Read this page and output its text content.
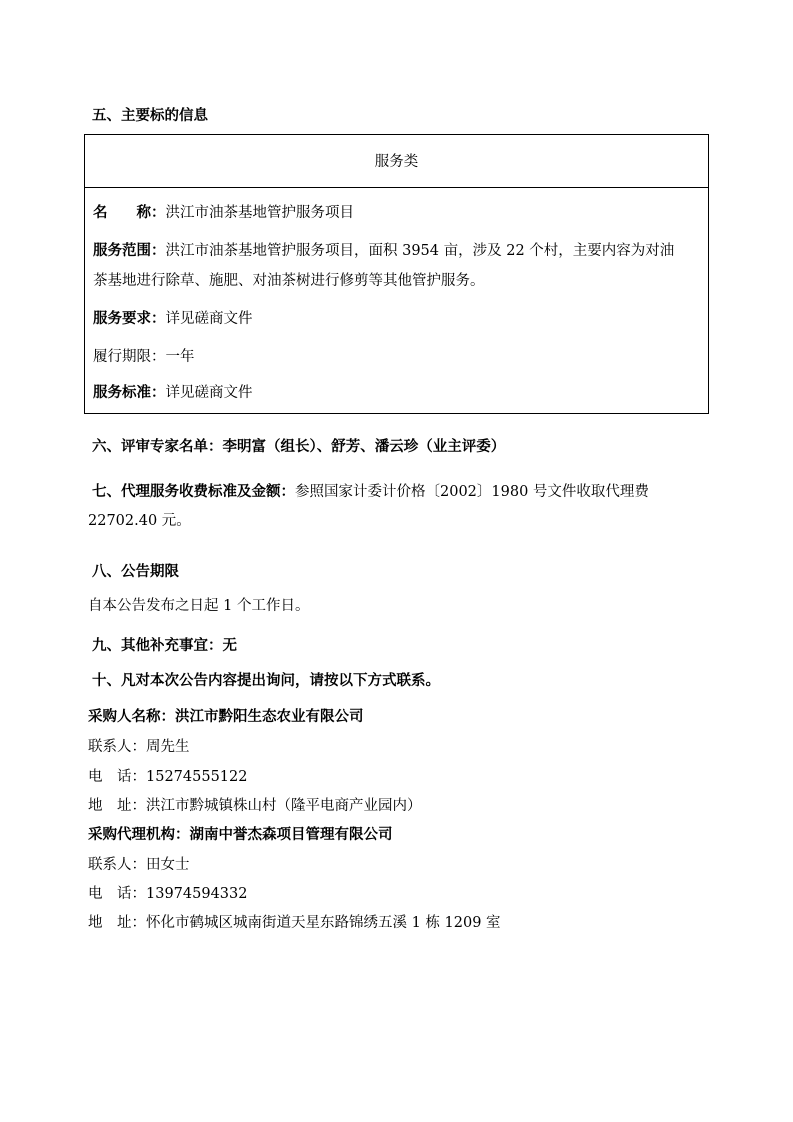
五、主要标的信息
服务类
名　　称：洪江市油茶基地管护服务项目
服务范围：洪江市油茶基地管护服务项目，面积 3954 亩，涉及 22 个村，主要内容为对油
茶基地进行除草、施肥、对油茶树进行修剪等其他管护服务。
服务要求：详见磋商文件
履行期限：一年
服务标准：详见磋商文件
六、评审专家名单：李明富（组长）、舒芳、潘云珍（业主评委）
七、代理服务收费标准及金额：参照国家计委计价格〔2002〕1980 号文件收取代理费
22702.40 元。
八、公告期限
自本公告发布之日起 1 个工作日。
九、其他补充事宜：无
十、凡对本次公告内容提出询问，请按以下方式联系。
采购人名称：洪江市黔阳生态农业有限公司
联系人：周先生
电　话：15274555122
地　址：洪江市黔城镇株山村（隆平电商产业园内）
采购代理机构：湖南中誉杰森项目管理有限公司
联系人：田女士
电　话：13974594332
地　址：怀化市鹤城区城南街道天星东路锦绣五溪 1 栋 1209 室
